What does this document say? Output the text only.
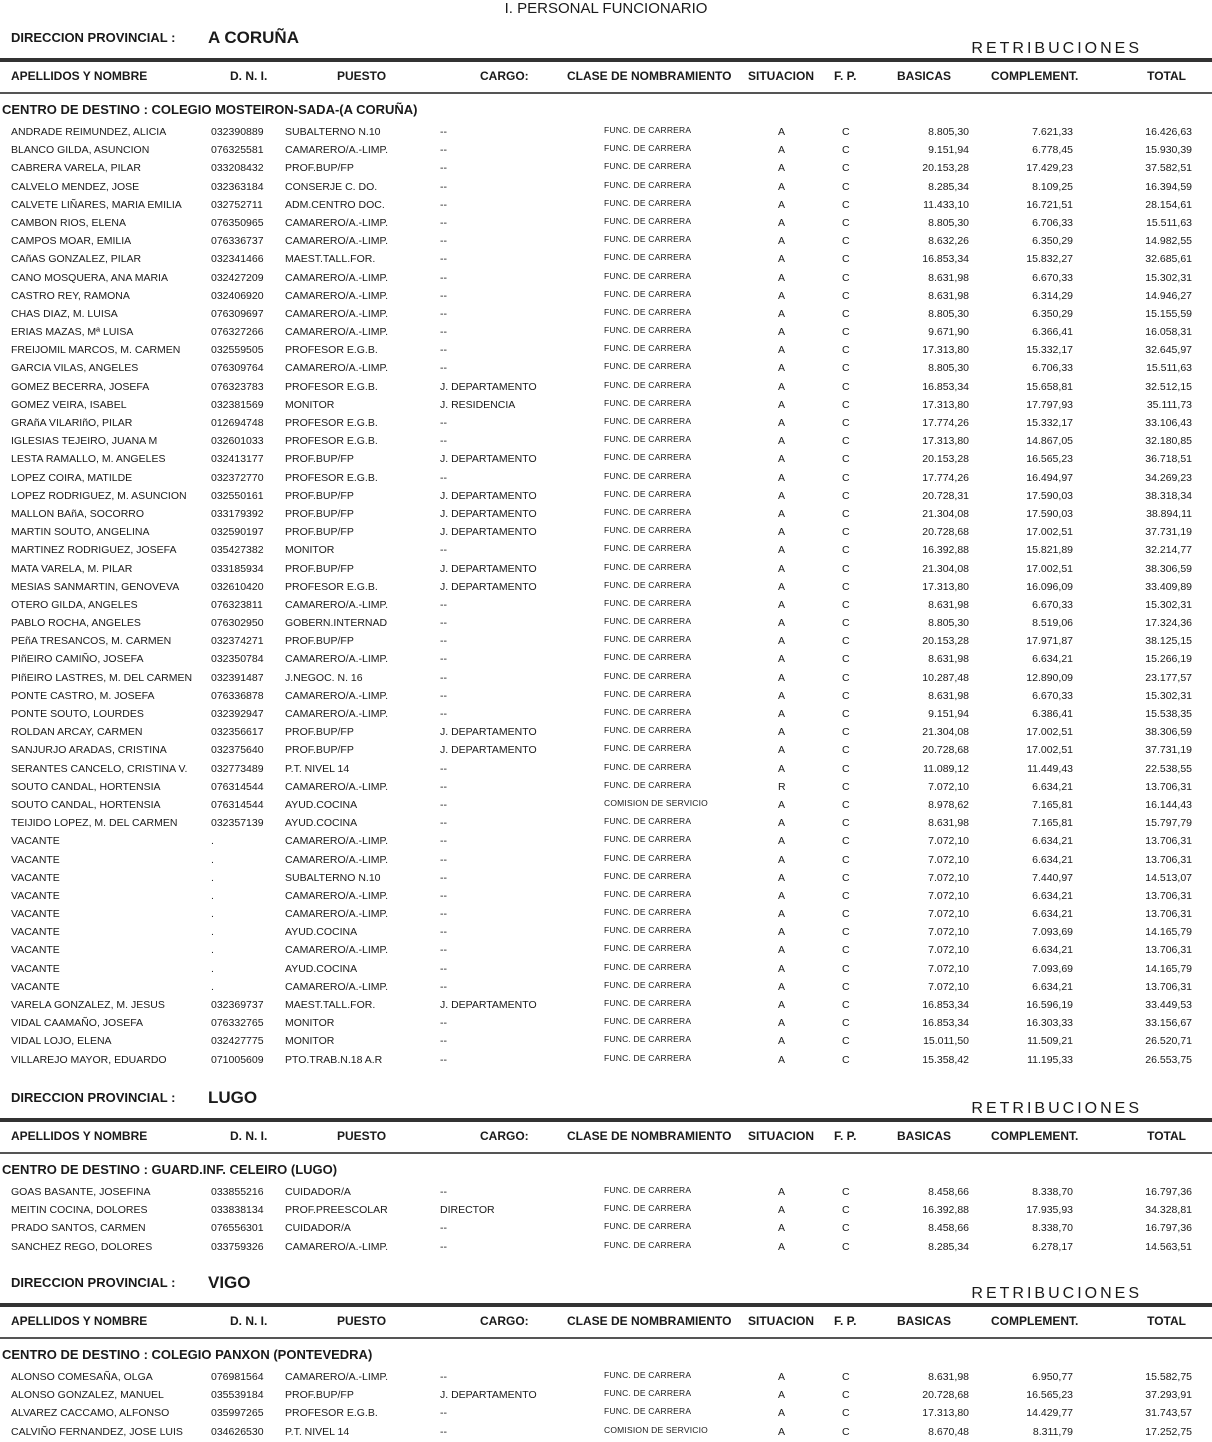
I. PERSONAL FUNCIONARIO
DIRECCION PROVINCIAL : A CORUÑA
RETRIBUCIONES
APELLIDOS Y NOMBRE	D. N. I.	PUESTO	CARGO:	CLASE DE NOMBRAMIENTO SITUACION F. P.	BASICAS	COMPLEMENT.	TOTAL
CENTRO DE DESTINO : COLEGIO MOSTEIRON-SADA-(A CORUÑA)
ANDRADE REIMUNDEZ, ALICIA	032390889 SUBALTERNO N.10	--	FUNC. DE CARRERA	A	C	8.805,30	7.621,33	16.426,63
BLANCO GILDA, ASUNCION	076325581 CAMARERO/A.-LIMP.	--	FUNC. DE CARRERA	A	C	9.151,94	6.778,45	15.930,39
CABRERA VARELA, PILAR	033208432 PROF.BUP/FP	--	FUNC. DE CARRERA	A	C	20.153,28	17.429,23	37.582,51
CALVELO MENDEZ, JOSE	032363184 CONSERJE C. DO.	--	FUNC. DE CARRERA	A	C	8.285,34	8.109,25	16.394,59
CALVETE LIÑARES, MARIA EMILIA	032752711 ADM.CENTRO DOC.	--	FUNC. DE CARRERA	A	C	11.433,10	16.721,51	28.154,61
CAMBON RIOS, ELENA	076350965 CAMARERO/A.-LIMP.	--	FUNC. DE CARRERA	A	C	8.805,30	6.706,33	15.511,63
CAMPOS MOAR, EMILIA	076336737 CAMARERO/A.-LIMP.	--	FUNC. DE CARRERA	A	C	8.632,26	6.350,29	14.982,55
CAñAS GONZALEZ, PILAR	032341466 MAEST.TALL.FOR.	--	FUNC. DE CARRERA	A	C	16.853,34	15.832,27	32.685,61
CANO MOSQUERA, ANA MARIA	032427209 CAMARERO/A.-LIMP.	--	FUNC. DE CARRERA	A	C	8.631,98	6.670,33	15.302,31
CASTRO REY, RAMONA	032406920 CAMARERO/A.-LIMP.	--	FUNC. DE CARRERA	A	C	8.631,98	6.314,29	14.946,27
CHAS DIAZ, M. LUISA	076309697 CAMARERO/A.-LIMP.	--	FUNC. DE CARRERA	A	C	8.805,30	6.350,29	15.155,59
ERIAS MAZAS, Mª LUISA	076327266 CAMARERO/A.-LIMP.	--	FUNC. DE CARRERA	A	C	9.671,90	6.366,41	16.058,31
FREIJOMIL MARCOS, M. CARMEN	032559505 PROFESOR E.G.B.	--	FUNC. DE CARRERA	A	C	17.313,80	15.332,17	32.645,97
GARCIA VILAS, ANGELES	076309764 CAMARERO/A.-LIMP.	--	FUNC. DE CARRERA	A	C	8.805,30	6.706,33	15.511,63
GOMEZ BECERRA, JOSEFA	076323783 PROFESOR E.G.B.	J. DEPARTAMENTO	FUNC. DE CARRERA	A	C	16.853,34	15.658,81	32.512,15
GOMEZ VEIRA, ISABEL	032381569 MONITOR	J. RESIDENCIA	FUNC. DE CARRERA	A	C	17.313,80	17.797,93	35.111,73
GRAñA VILARIñO, PILAR	012694748 PROFESOR E.G.B.	--	FUNC. DE CARRERA	A	C	17.774,26	15.332,17	33.106,43
IGLESIAS TEJEIRO, JUANA M	032601033 PROFESOR E.G.B.	--	FUNC. DE CARRERA	A	C	17.313,80	14.867,05	32.180,85
LESTA RAMALLO, M. ANGELES	032413177 PROF.BUP/FP	J. DEPARTAMENTO	FUNC. DE CARRERA	A	C	20.153,28	16.565,23	36.718,51
LOPEZ COIRA, MATILDE	032372770 PROFESOR E.G.B.	--	FUNC. DE CARRERA	A	C	17.774,26	16.494,97	34.269,23
LOPEZ RODRIGUEZ, M. ASUNCION 032550161 PROF.BUP/FP	J. DEPARTAMENTO	FUNC. DE CARRERA	A	C	20.728,31	17.590,03	38.318,34
MALLON BAñA, SOCORRO	033179392 PROF.BUP/FP	J. DEPARTAMENTO	FUNC. DE CARRERA	A	C	21.304,08	17.590,03	38.894,11
MARTIN SOUTO, ANGELINA	032590197 PROF.BUP/FP	J. DEPARTAMENTO	FUNC. DE CARRERA	A	C	20.728,68	17.002,51	37.731,19
MARTINEZ RODRIGUEZ, JOSEFA	035427382 MONITOR	--	FUNC. DE CARRERA	A	C	16.392,88	15.821,89	32.214,77
MATA VARELA, M. PILAR	033185934 PROF.BUP/FP	J. DEPARTAMENTO	FUNC. DE CARRERA	A	C	21.304,08	17.002,51	38.306,59
MESIAS SANMARTIN, GENOVEVA	032610420 PROFESOR E.G.B.	J. DEPARTAMENTO	FUNC. DE CARRERA	A	C	17.313,80	16.096,09	33.409,89
OTERO GILDA, ANGELES	076323811 CAMARERO/A.-LIMP.	--	FUNC. DE CARRERA	A	C	8.631,98	6.670,33	15.302,31
PABLO ROCHA, ANGELES	076302950 GOBERN.INTERNAD	--	FUNC. DE CARRERA	A	C	8.805,30	8.519,06	17.324,36
PEñA TRESANCOS, M. CARMEN	032374271 PROF.BUP/FP	--	FUNC. DE CARRERA	A	C	20.153,28	17.971,87	38.125,15
PIñEIRO CAMIÑO, JOSEFA	032350784 CAMARERO/A.-LIMP.	--	FUNC. DE CARRERA	A	C	8.631,98	6.634,21	15.266,19
PIñEIRO LASTRES, M. DEL CARMEN 032391487 J.NEGOC. N. 16	--	FUNC. DE CARRERA	A	C	10.287,48	12.890,09	23.177,57
PONTE CASTRO, M. JOSEFA	076336878 CAMARERO/A.-LIMP.	--	FUNC. DE CARRERA	A	C	8.631,98	6.670,33	15.302,31
PONTE SOUTO, LOURDES	032392947 CAMARERO/A.-LIMP.	--	FUNC. DE CARRERA	A	C	9.151,94	6.386,41	15.538,35
ROLDAN ARCAY, CARMEN	032356617 PROF.BUP/FP	J. DEPARTAMENTO	FUNC. DE CARRERA	A	C	21.304,08	17.002,51	38.306,59
SANJURJO ARADAS, CRISTINA	032375640 PROF.BUP/FP	J. DEPARTAMENTO	FUNC. DE CARRERA	A	C	20.728,68	17.002,51	37.731,19
SERANTES CANCELO, CRISTINA V. 032773489 P.T. NIVEL 14	--	FUNC. DE CARRERA	A	C	11.089,12	11.449,43	22.538,55
SOUTO CANDAL, HORTENSIA	076314544 CAMARERO/A.-LIMP.	--	FUNC. DE CARRERA	R	C	7.072,10	6.634,21	13.706,31
SOUTO CANDAL, HORTENSIA	076314544 AYUD.COCINA	--	COMISION DE SERVICIO	A	C	8.978,62	7.165,81	16.144,43
TEIJIDO LOPEZ, M. DEL CARMEN	032357139 AYUD.COCINA	--	FUNC. DE CARRERA	A	C	8.631,98	7.165,81	15.797,79
VACANTE	.	CAMARERO/A.-LIMP.	--	FUNC. DE CARRERA	A	C	7.072,10	6.634,21	13.706,31
VACANTE	.	CAMARERO/A.-LIMP.	--	FUNC. DE CARRERA	A	C	7.072,10	6.634,21	13.706,31
VACANTE	.	SUBALTERNO N.10	--	FUNC. DE CARRERA	A	C	7.072,10	7.440,97	14.513,07
VACANTE	.	CAMARERO/A.-LIMP.	--	FUNC. DE CARRERA	A	C	7.072,10	6.634,21	13.706,31
VACANTE	.	CAMARERO/A.-LIMP.	--	FUNC. DE CARRERA	A	C	7.072,10	6.634,21	13.706,31
VACANTE	.	AYUD.COCINA	--	FUNC. DE CARRERA	A	C	7.072,10	7.093,69	14.165,79
VACANTE	.	CAMARERO/A.-LIMP.	--	FUNC. DE CARRERA	A	C	7.072,10	6.634,21	13.706,31
VACANTE	.	AYUD.COCINA	--	FUNC. DE CARRERA	A	C	7.072,10	7.093,69	14.165,79
VACANTE	.	CAMARERO/A.-LIMP.	--	FUNC. DE CARRERA	A	C	7.072,10	6.634,21	13.706,31
VARELA GONZALEZ, M. JESUS	032369737 MAEST.TALL.FOR.	J. DEPARTAMENTO	FUNC. DE CARRERA	A	C	16.853,34	16.596,19	33.449,53
VIDAL CAAMAÑO, JOSEFA	076332765 MONITOR	--	FUNC. DE CARRERA	A	C	16.853,34	16.303,33	33.156,67
VIDAL LOJO, ELENA	032427775 MONITOR	--	FUNC. DE CARRERA	A	C	15.011,50	11.509,21	26.520,71
VILLAREJO MAYOR, EDUARDO	071005609 PTO.TRAB.N.18 A.R	--	FUNC. DE CARRERA	A	C	15.358,42	11.195,33	26.553,75
DIRECCION PROVINCIAL : LUGO
RETRIBUCIONES
APELLIDOS Y NOMBRE	D. N. I.	PUESTO	CARGO:	CLASE DE NOMBRAMIENTO SITUACION F. P.	BASICAS	COMPLEMENT.	TOTAL
CENTRO DE DESTINO : GUARD.INF. CELEIRO (LUGO)
GOAS BASANTE, JOSEFINA	033855216 CUIDADOR/A	--	FUNC. DE CARRERA	A	C	8.458,66	8.338,70	16.797,36
MEITIN COCINA, DOLORES	033838134 PROF.PREESCOLAR	DIRECTOR	FUNC. DE CARRERA	A	C	16.392,88	17.935,93	34.328,81
PRADO SANTOS, CARMEN	076556301 CUIDADOR/A	--	FUNC. DE CARRERA	A	C	8.458,66	8.338,70	16.797,36
SANCHEZ REGO, DOLORES	033759326 CAMARERO/A.-LIMP.	--	FUNC. DE CARRERA	A	C	8.285,34	6.278,17	14.563,51
DIRECCION PROVINCIAL : VIGO
RETRIBUCIONES
APELLIDOS Y NOMBRE	D. N. I.	PUESTO	CARGO:	CLASE DE NOMBRAMIENTO SITUACION F. P.	BASICAS	COMPLEMENT.	TOTAL
CENTRO DE DESTINO : COLEGIO PANXON (PONTEVEDRA)
ALONSO COMESAÑA, OLGA	076981564 CAMARERO/A.-LIMP.	--	FUNC. DE CARRERA	A	C	8.631,98	6.950,77	15.582,75
ALONSO GONZALEZ, MANUEL	035539184 PROF.BUP/FP	J. DEPARTAMENTO	FUNC. DE CARRERA	A	C	20.728,68	16.565,23	37.293,91
ALVAREZ CACCAMO, ALFONSO	035997265 PROFESOR E.G.B.	--	FUNC. DE CARRERA	A	C	17.313,80	14.429,77	31.743,57
CALVIÑO FERNANDEZ, JOSE LUIS	034626530 P.T. NIVEL 14	--	COMISION DE SERVICIO	A	C	8.670,48	8.311,79	17.252,75
